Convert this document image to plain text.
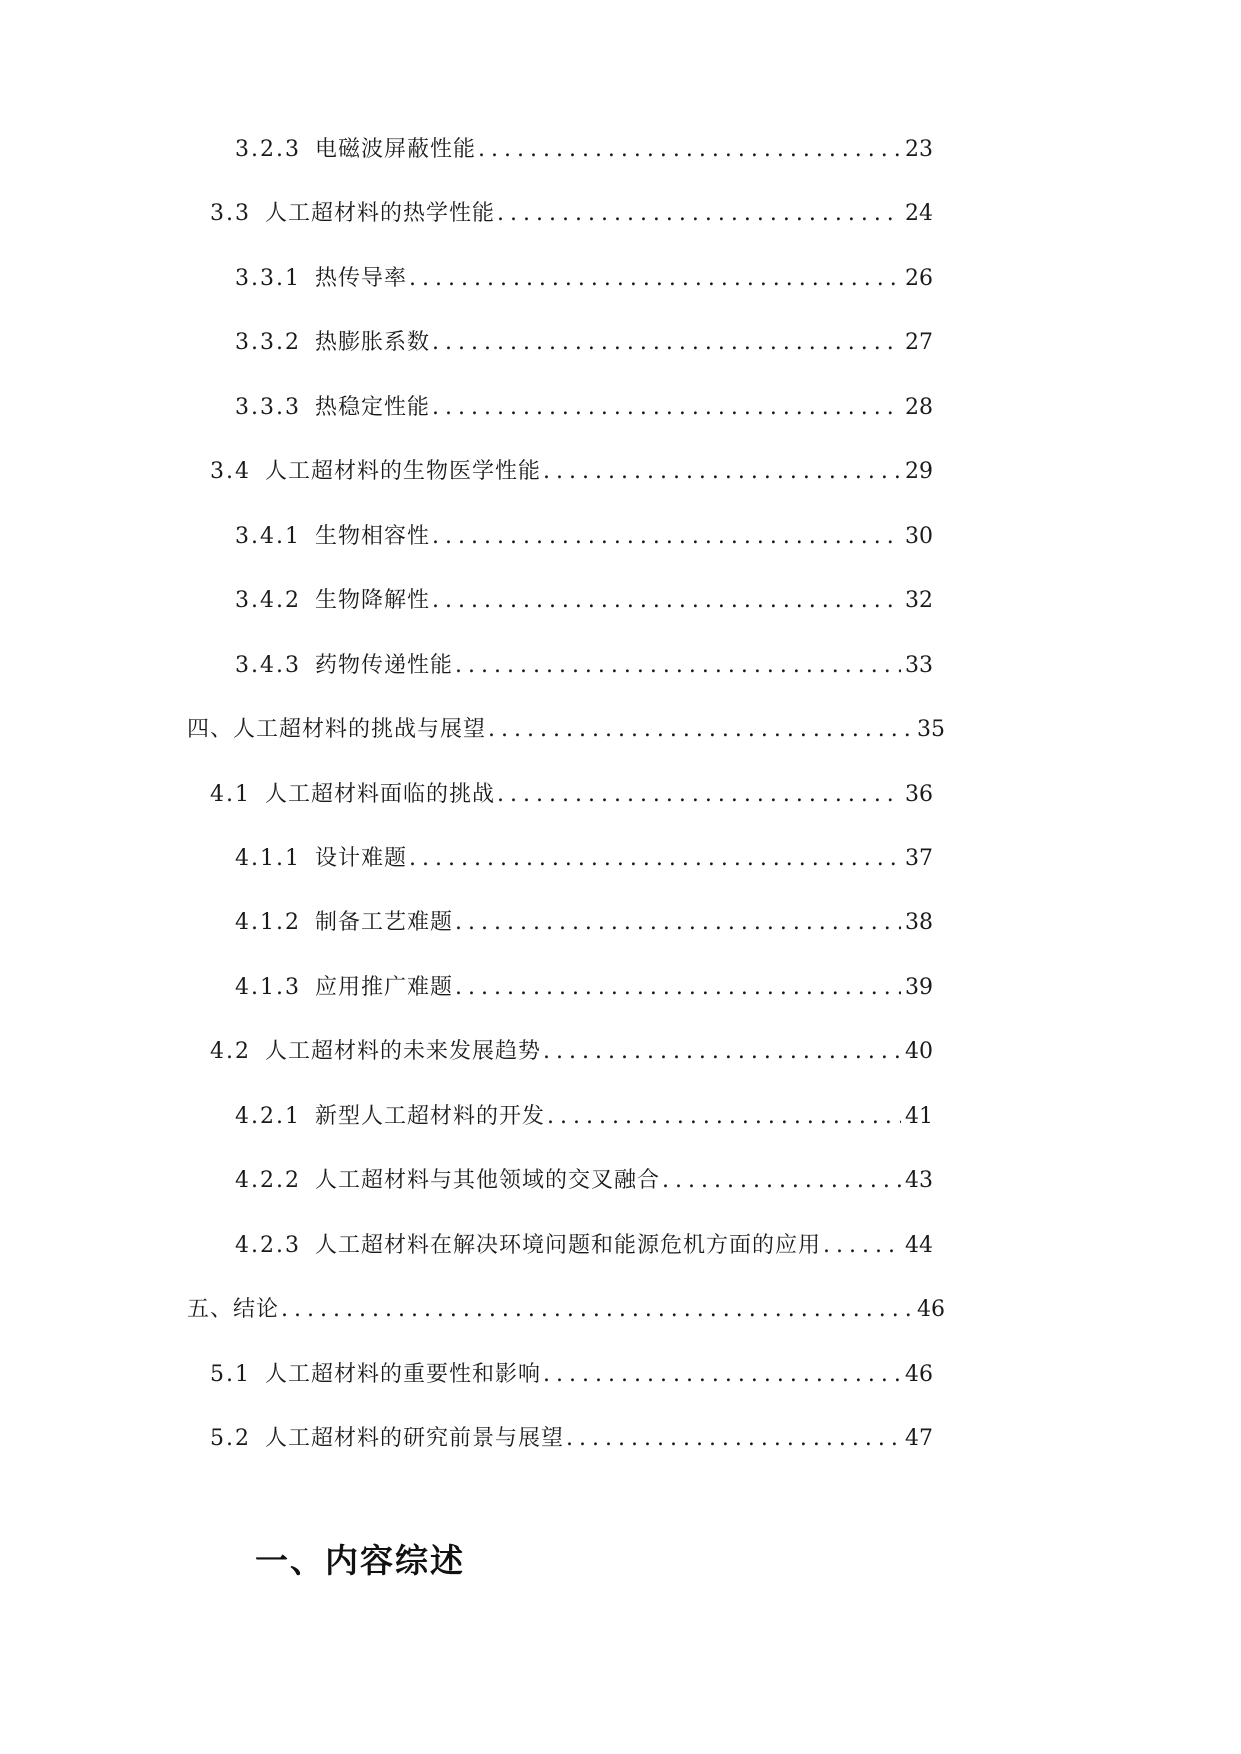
3.2.3 电磁波屏蔽性能 .....	23
3.3 人工超材料的热学性能 .....	24
3.3.1 热传导率 .....	26
3.3.2 热膨胀系数 .....	27
3.3.3 热稳定性能 .....	28
3.4 人工超材料的生物医学性能 .....	29
3.4.1 生物相容性 .....	30
3.4.2 生物降解性 .....	32
3.4.3 药物传递性能 .....	33
四、人工超材料的挑战与展望 .....	35
4.1 人工超材料面临的挑战 .....	36
4.1.1 设计难题 .....	37
4.1.2 制备工艺难题 .....	38
4.1.3 应用推广难题 .....	39
4.2 人工超材料的未来发展趋势 .....	40
4.2.1 新型人工超材料的开发 .....	41
4.2.2 人工超材料与其他领域的交叉融合 .....	43
4.2.3 人工超材料在解决环境问题和能源危机方面的应用 .....	44
五、结论 .....	46
5.1 人工超材料的重要性和影响 .....	46
5.2 人工超材料的研究前景与展望 .....	47
一、内容综述
